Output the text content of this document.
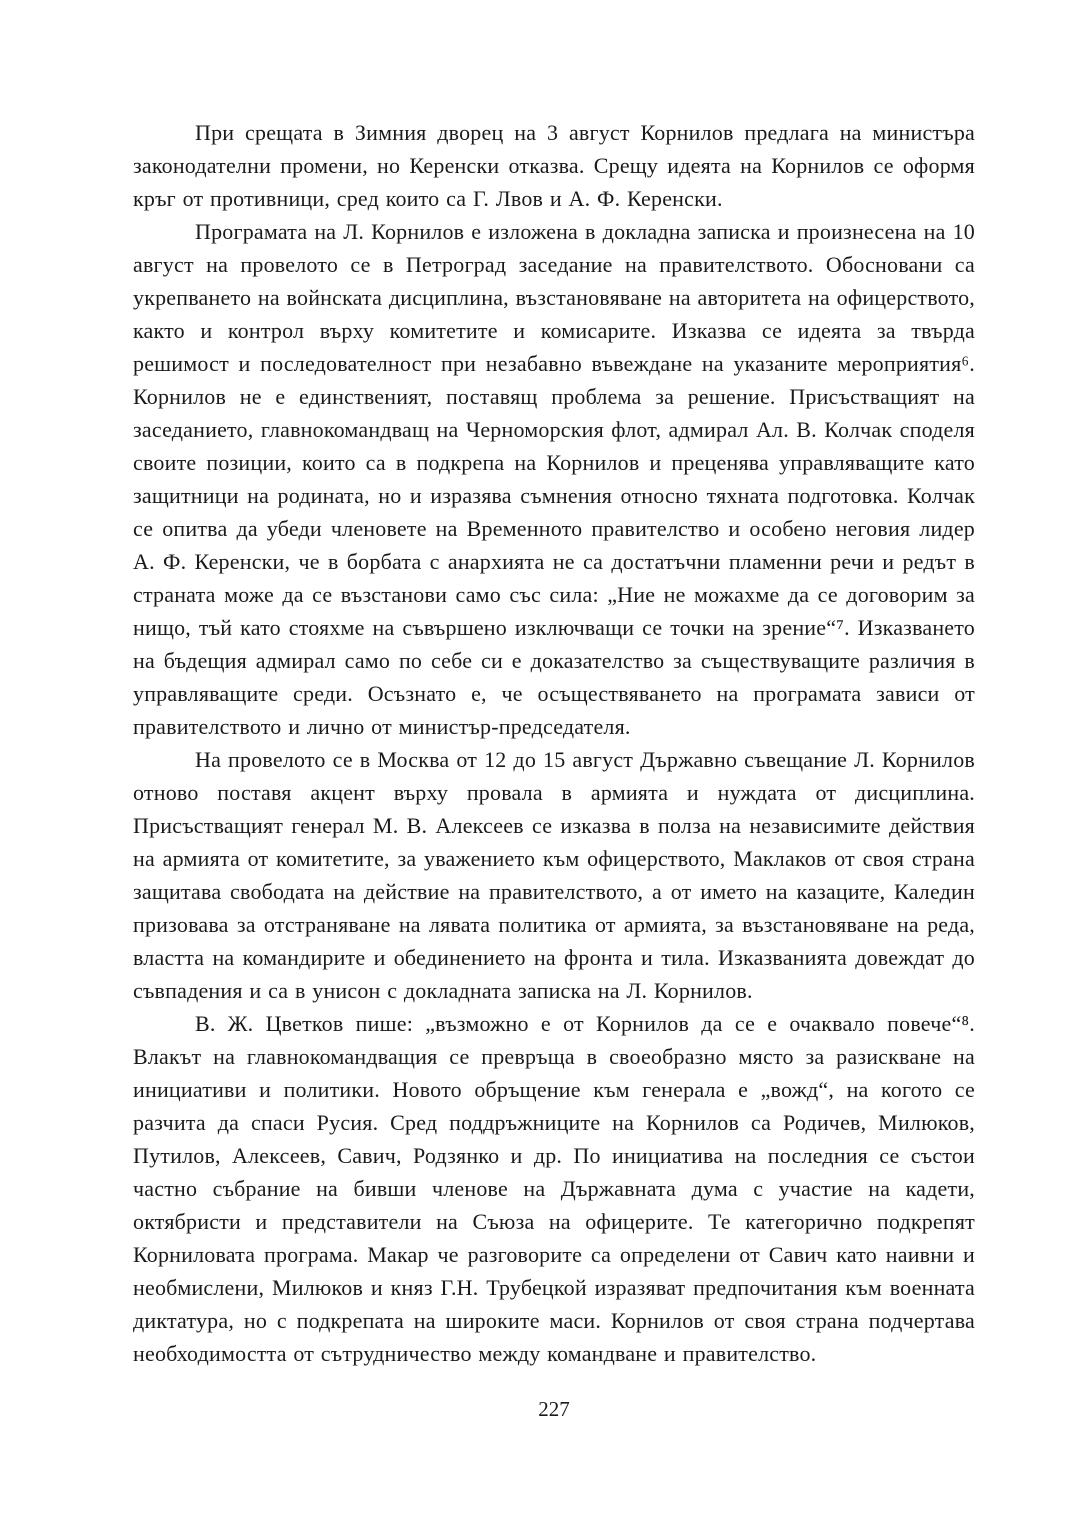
При срещата в Зимния дворец на 3 август Корнилов предлага на министъра законодателни промени, но Керенски отказва. Срещу идеята на Корнилов се оформя кръг от противници, сред които са Г. Лвов и А. Ф. Керенски.

Програмата на Л. Корнилов е изложена в докладна записка и произнесена на 10 август на провелото се в Петроград заседание на правителството. Обосновани са укрепването на войнската дисциплина, възстановяване на авторитета на офицерството, както и контрол върху комитетите и комисарите. Изказва се идеята за твърда решимост и последователност при незабавно въвеждане на указаните мероприятия⁶. Корнилов не е единственият, поставящ проблема за решение. Присъстващият на заседанието, главнокомандващ на Черноморския флот, адмирал Ал. В. Колчак споделя своите позиции, които са в подкрепа на Корнилов и преценява управляващите като защитници на родината, но и изразява съмнения относно тяхната подготовка. Колчак се опитва да убеди членовете на Временното правителство и особено неговия лидер А. Ф. Керенски, че в борбата с анархията не са достатъчни пламенни речи и редът в страната може да се възстанови само със сила: „Ние не можахме да се договорим за нищо, тъй като стояхме на съвършено изключващи се точки на зрение“⁷. Изказването на бъдещия адмирал само по себе си е доказателство за съществуващите различия в управляващите среди. Осъзнато е, че осъществяването на програмата зависи от правителството и лично от министър-председателя.

На провелото се в Москва от 12 до 15 август Държавно съвещание Л. Корнилов отново поставя акцент върху провала в армията и нуждата от дисциплина. Присъстващият генерал М. В. Алексеев се изказва в полза на независимите действия на армията от комитетите, за уважението към офицерството, Маклаков от своя страна защитава свободата на действие на правителството, а от името на казаците, Каледин призовава за отстраняване на лявата политика от армията, за възстановяване на реда, властта на командирите и обединението на фронта и тила. Изказванията довеждат до съвпадения и са в унисон с докладната записка на Л. Корнилов.

В. Ж. Цветков пише: „възможно е от Корнилов да се е очаквало повече“⁸. Влакът на главнокомандващия се превръща в своеобразно място за разискване на инициативи и политики. Новото обръщение към генерала е „вожд“, на когото се разчита да спаси Русия. Сред поддръжниците на Корнилов са Родичев, Милюков, Путилов, Алексеев, Савич, Родзянко и др. По инициатива на последния се състои частно събрание на бивши членове на Държавната дума с участие на кадети, октябристи и представители на Съюза на офицерите. Те категорично подкрепят Корниловата програма. Макар че разговорите са определени от Савич като наивни и необмислени, Милюков и княз Г.Н. Трубецкой изразяват предпочитания към военната диктатура, но с подкрепата на широките маси. Корнилов от своя страна подчертава необходимостта от сътрудничество между командване и правителство.

227
